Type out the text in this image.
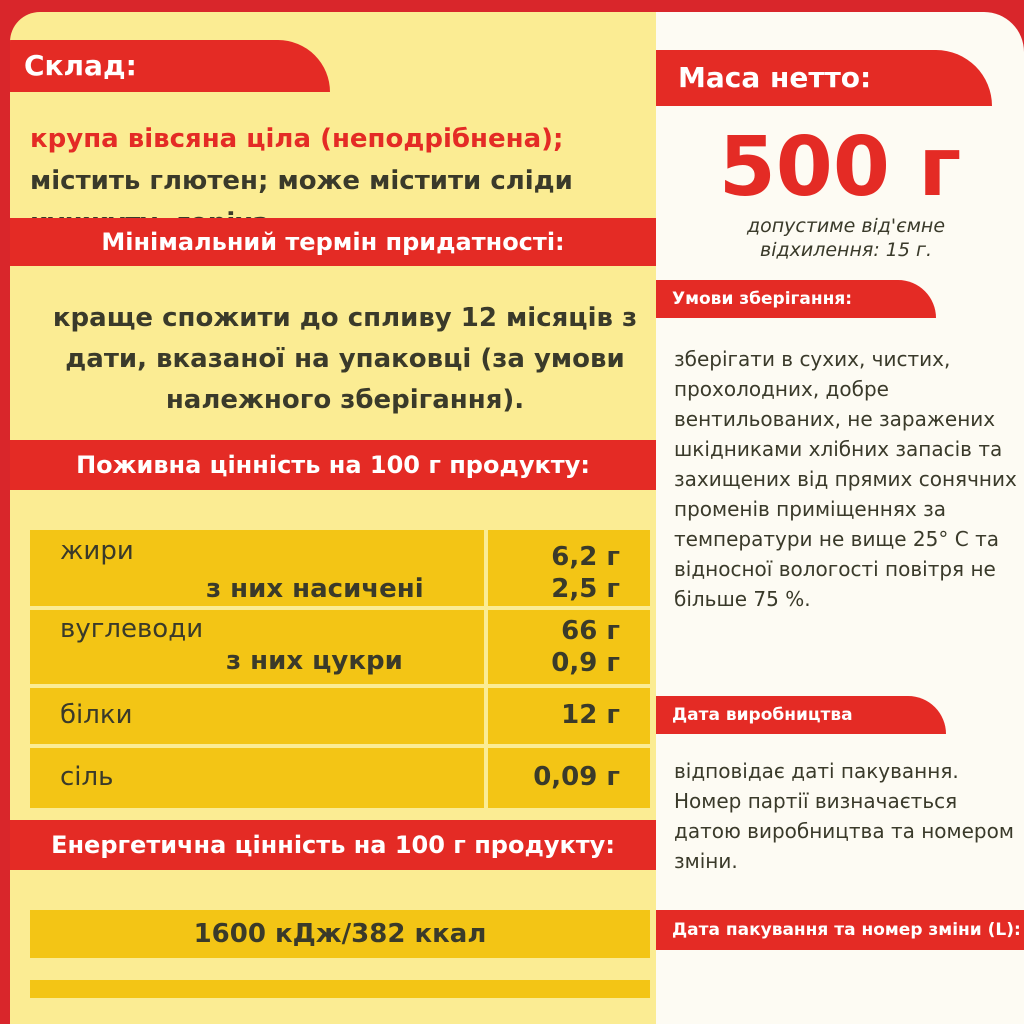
Склад:
крупа вівсяна ціла (неподрібнена); містить глютен; може містити сліди
Мінімальний термін придатності:
краще спожити до спливу 12 місяців з дати, вказаної на упаковці (за умови належного зберігання).
Поживна цінність на 100 г продукту:
жири
з них насичені
6,2 г
2,5 г
вуглеводи
з них цукри
66 г
0,9 г
білки	12 г
сіль	0,09 г
Енергетична цінність на 100 г продукту:
1600 кДж/382 ккал
Маса нетто:
500 г
допустиме від'ємне відхилення: 15 г.
Умови зберігання:
зберігати в сухих, чистих, прохолодних, добре вентильованих, не заражених шкідниками хлібних запасів та захищених від прямих сонячних променів приміщеннях за температури не вище 25° С та відносної вологості повітря не більше 75 %.
Дата виробництва
відповідає даті пакування. Номер партії визначається датою виробництва та номером зміни.
Дата пакування та номер зміни (L):
